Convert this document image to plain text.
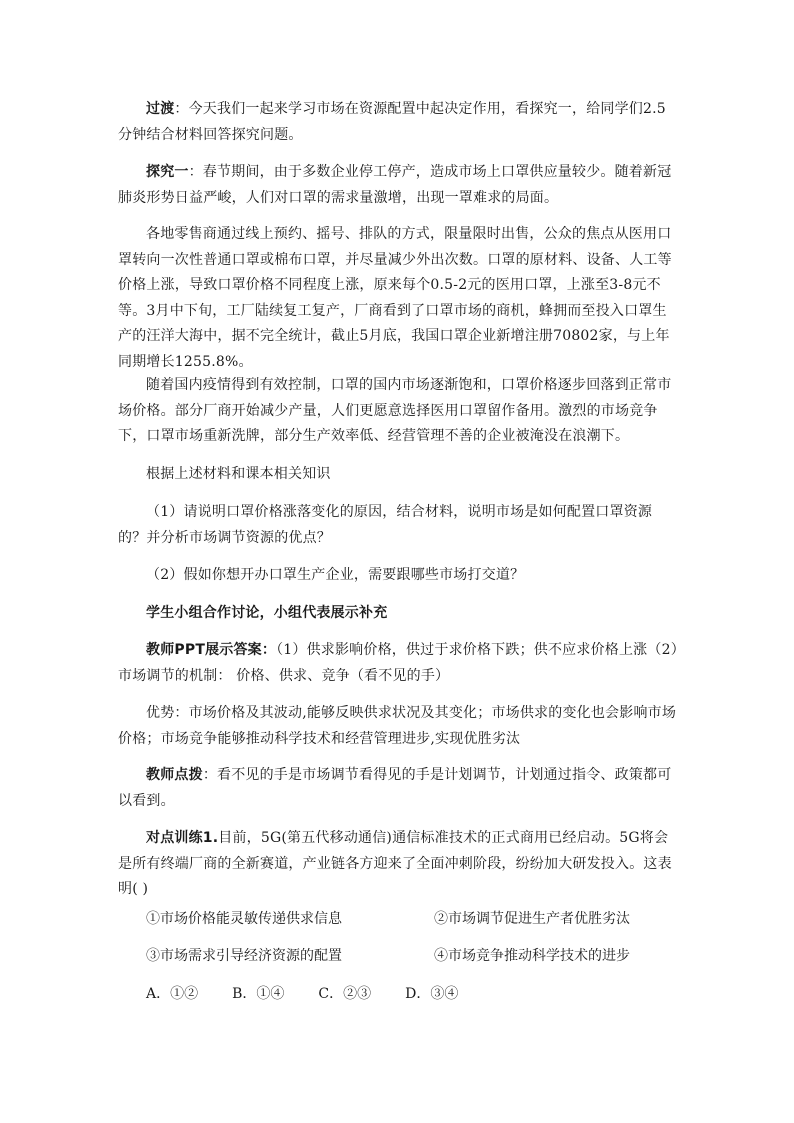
过渡：今天我们一起来学习市场在资源配置中起决定作用，看探究一，给同学们2.5分钟结合材料回答探究问题。

探究一：春节期间，由于多数企业停工停产，造成市场上口罩供应量较少。随着新冠肺炎形势日益严峻，人们对口罩的需求量激增，出现一罩难求的局面。

各地零售商通过线上预约、摇号、排队的方式，限量限时出售，公众的焦点从医用口罩转向一次性普通口罩或棉布口罩，并尽量减少外出次数。口罩的原材料、设备、人工等价格上涨，导致口罩价格不同程度上涨，原来每个0.5-2元的医用口罩，上涨至3-8元不等。3月中下旬，工厂陆续复工复产，厂商看到了口罩市场的商机，蜂拥而至投入口罩生产的汪洋大海中，据不完全统计，截止5月底，我国口罩企业新增注册70802家，与上年同期增长1255.8%。

随着国内疫情得到有效控制，口罩的国内市场逐渐饱和，口罩价格逐步回落到正常市场价格。部分厂商开始减少产量，人们更愿意选择医用口罩留作备用。激烈的市场竞争下，口罩市场重新洗牌，部分生产效率低、经营管理不善的企业被淹没在浪潮下。

根据上述材料和课本相关知识

（1）请说明口罩价格涨落变化的原因，结合材料，说明市场是如何配置口罩资源的？并分析市场调节资源的优点？

（2）假如你想开办口罩生产企业，需要跟哪些市场打交道？

学生小组合作讨论，小组代表展示补充

教师PPT展示答案：（1）供求影响价格，供过于求价格下跌；供不应求价格上涨（2）市场调节的机制： 价格、供求、竞争（看不见的手）

优势：市场价格及其波动,能够反映供求状况及其变化；市场供求的变化也会影响市场价格；市场竞争能够推动科学技术和经营管理进步,实现优胜劣汰

教师点拨：看不见的手是市场调节看得见的手是计划调节，计划通过指令、政策都可以看到。

对点训练1.目前，5G(第五代移动通信)通信标准技术的正式商用已经启动。5G将会是所有终端厂商的全新赛道，产业链各方迎来了全面冲刺阶段，纷纷加大研发投入。这表明( )

①市场价格能灵敏传递供求信息	②市场调节促进生产者优胜劣汰
③市场需求引导经济资源的配置	④市场竞争推动科学技术的进步
A．①② B．①④ C．②③ D．③④
